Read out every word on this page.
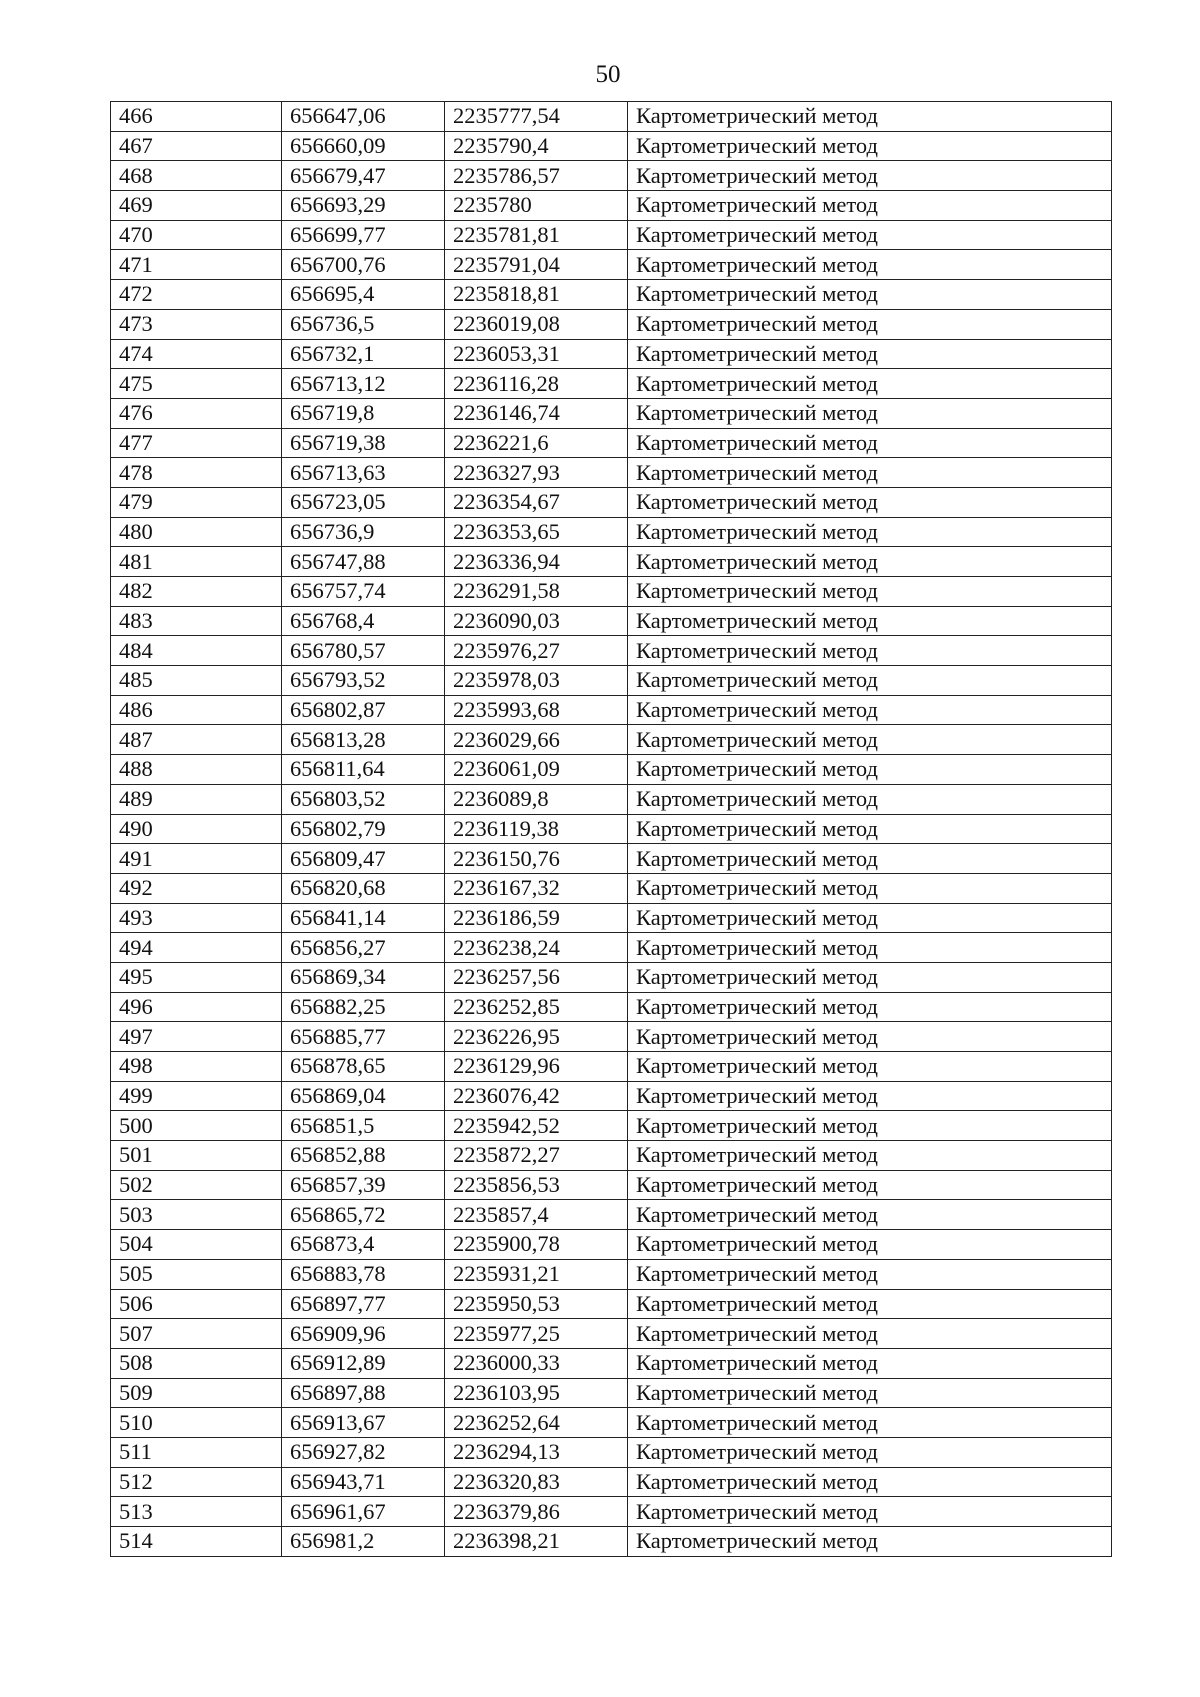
50
466	656647,06	2235777,54	Картометрический метод
467	656660,09	2235790,4	Картометрический метод
468	656679,47	2235786,57	Картометрический метод
469	656693,29	2235780	Картометрический метод
470	656699,77	2235781,81	Картометрический метод
471	656700,76	2235791,04	Картометрический метод
472	656695,4	2235818,81	Картометрический метод
473	656736,5	2236019,08	Картометрический метод
474	656732,1	2236053,31	Картометрический метод
475	656713,12	2236116,28	Картометрический метод
476	656719,8	2236146,74	Картометрический метод
477	656719,38	2236221,6	Картометрический метод
478	656713,63	2236327,93	Картометрический метод
479	656723,05	2236354,67	Картометрический метод
480	656736,9	2236353,65	Картометрический метод
481	656747,88	2236336,94	Картометрический метод
482	656757,74	2236291,58	Картометрический метод
483	656768,4	2236090,03	Картометрический метод
484	656780,57	2235976,27	Картометрический метод
485	656793,52	2235978,03	Картометрический метод
486	656802,87	2235993,68	Картометрический метод
487	656813,28	2236029,66	Картометрический метод
488	656811,64	2236061,09	Картометрический метод
489	656803,52	2236089,8	Картометрический метод
490	656802,79	2236119,38	Картометрический метод
491	656809,47	2236150,76	Картометрический метод
492	656820,68	2236167,32	Картометрический метод
493	656841,14	2236186,59	Картометрический метод
494	656856,27	2236238,24	Картометрический метод
495	656869,34	2236257,56	Картометрический метод
496	656882,25	2236252,85	Картометрический метод
497	656885,77	2236226,95	Картометрический метод
498	656878,65	2236129,96	Картометрический метод
499	656869,04	2236076,42	Картометрический метод
500	656851,5	2235942,52	Картометрический метод
501	656852,88	2235872,27	Картометрический метод
502	656857,39	2235856,53	Картометрический метод
503	656865,72	2235857,4	Картометрический метод
504	656873,4	2235900,78	Картометрический метод
505	656883,78	2235931,21	Картометрический метод
506	656897,77	2235950,53	Картометрический метод
507	656909,96	2235977,25	Картометрический метод
508	656912,89	2236000,33	Картометрический метод
509	656897,88	2236103,95	Картометрический метод
510	656913,67	2236252,64	Картометрический метод
511	656927,82	2236294,13	Картометрический метод
512	656943,71	2236320,83	Картометрический метод
513	656961,67	2236379,86	Картометрический метод
514	656981,2	2236398,21	Картометрический метод
